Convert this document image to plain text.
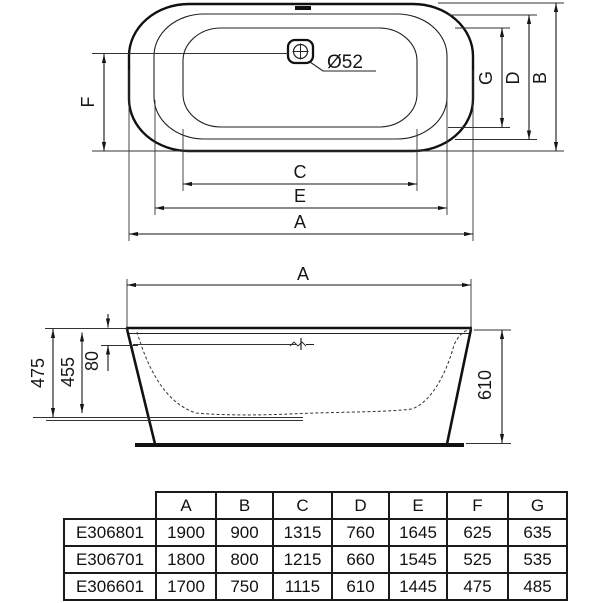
Ø52
F
G D B
C
E
A
A
475 455 80
610
	A	B	C	D	E	F	G
E306801	1900	900	1315	760	1645	625	635
E306701	1800	800	1215	660	1545	525	535
E306601	1700	750	1115	610	1445	475	485
